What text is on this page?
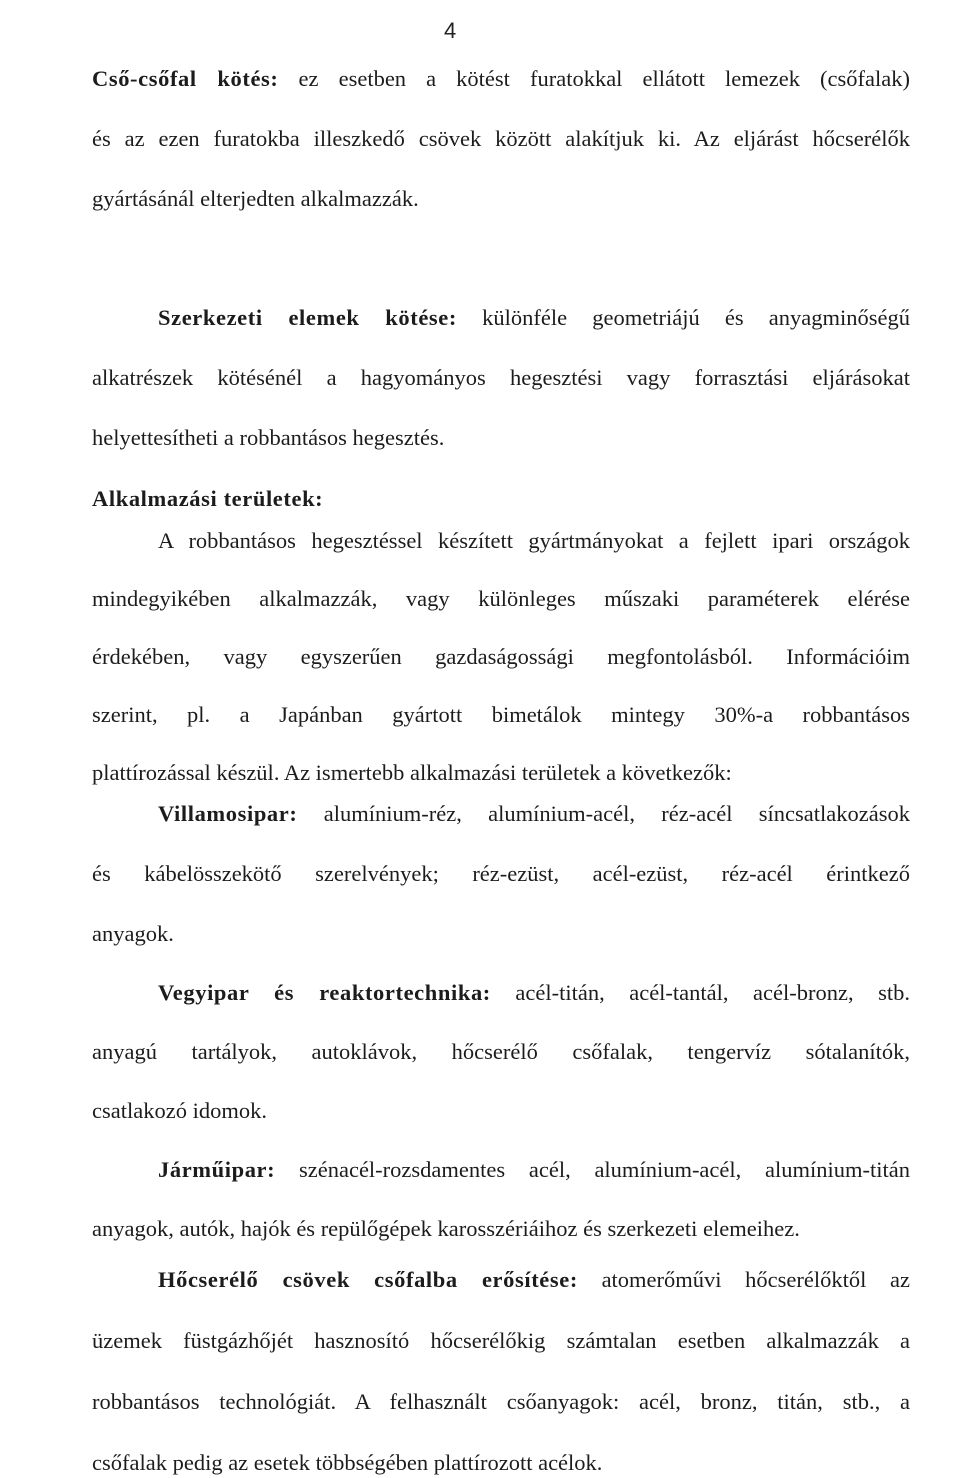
4
Cső-csőfal kötés: ez esetben a kötést furatokkal ellátott lemezek (csőfalak)
és az ezen furatokba illeszkedő csövek között alakítjuk ki. Az eljárást hőcserélők
gyártásánál elterjedten alkalmazzák.
Szerkezeti elemek kötése: különféle geometriájú és anyagminőségű
alkatrészek kötésénél a hagyományos hegesztési vagy forrasztási eljárásokat
helyettesítheti a robbantásos hegesztés.
Alkalmazási területek:
A robbantásos hegesztéssel készített gyártmányokat a fejlett ipari országok
mindegyikében alkalmazzák, vagy különleges műszaki paraméterek elérése
érdekében, vagy egyszerűen gazdaságossági megfontolásból. Információim
szerint, pl. a Japánban gyártott bimetálok mintegy 30%-a robbantásos
plattírozással készül. Az ismertebb alkalmazási területek a következők:
Villamosipar: alumínium-réz, alumínium-acél, réz-acél síncsatlakozások
és kábelösszekötő szerelvények; réz-ezüst, acél-ezüst, réz-acél érintkező
anyagok.
Vegyipar és reaktortechnika: acél-titán, acél-tantál, acél-bronz, stb.
anyagú tartályok, autoklávok, hőcserélő csőfalak, tengervíz sótalanítók,
csatlakozó idomok.
Járműipar: szénacél-rozsdamentes acél, alumínium-acél, alumínium-titán
anyagok, autók, hajók és repülőgépek karosszériáihoz és szerkezeti elemeihez.
Hőcserélő csövek csőfalba erősítése: atomerőművi hőcserélőktől az
üzemek füstgázhőjét hasznosító hőcserélőkig számtalan esetben alkalmazzák a
robbantásos technológiát. A felhasznált csőanyagok: acél, bronz, titán, stb., a
csőfalak pedig az esetek többségében plattírozott acélok.
